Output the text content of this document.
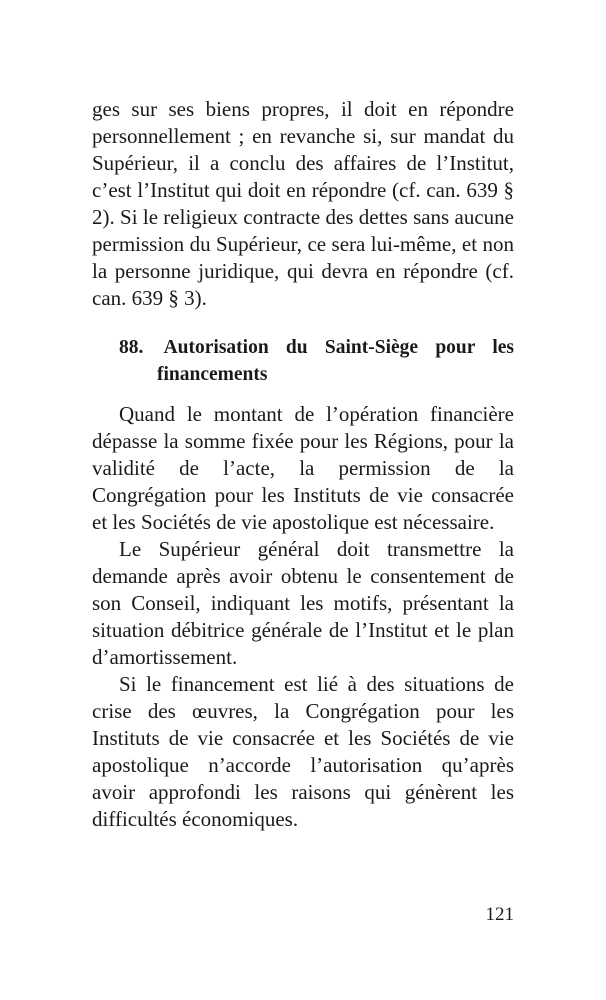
ges sur ses biens propres, il doit en répondre personnellement ; en revanche si, sur mandat du Supérieur, il a conclu des affaires de l’Institut, c’est l’Institut qui doit en répondre (cf. can. 639 § 2). Si le religieux contracte des dettes sans aucune permission du Supérieur, ce sera lui-même, et non la personne juridique, qui devra en répondre (cf. can. 639 § 3).

88. Autorisation du Saint-Siège pour les financements

Quand le montant de l’opération financière dépasse la somme fixée pour les Régions, pour la validité de l’acte, la permission de la Congrégation pour les Instituts de vie consacrée et les Sociétés de vie apostolique est nécessaire.

Le Supérieur général doit transmettre la demande après avoir obtenu le consentement de son Conseil, indiquant les motifs, présentant la situation débitrice générale de l’Institut et le plan d’amortissement.

Si le financement est lié à des situations de crise des œuvres, la Congrégation pour les Instituts de vie consacrée et les Sociétés de vie apostolique n’accorde l’autorisation qu’après avoir approfondi les raisons qui génèrent les difficultés économiques.

121
